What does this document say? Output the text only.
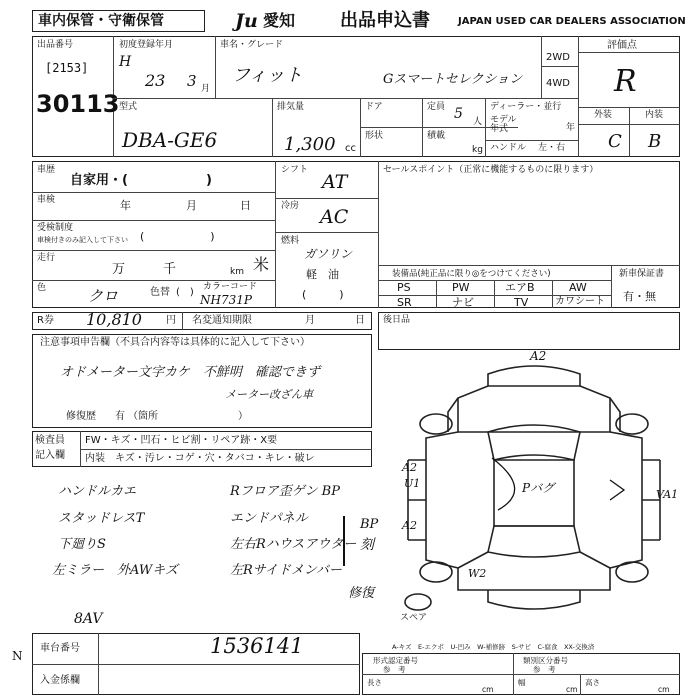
車内保管・守衛保管	Ju 愛知 出品申込書	JAPAN USED CAR DEALERS ASSOCIATION
出品番号
[2153]
30113
初度登録年月
H
23 3 月
車名・グレード
フィット	Gスマートセレクション
2WD
4WD
評価点
R
外装	内装
C B
型式
DBA-GE6
排気量
1,300 cc
ドア
形状
定員 5 人
積載
kg
ディーラー・並行
モデル年式	年
ハンドル 左・右
車歴
自家用・(　　　　　　)
車検	年	月	日
受検制度
車検付きのみ記入して下さい (　　　　　　)
走行
万	千	km 米
色	クロ	色替 (　) カラーコード
NH731P
シフト
AT
冷房 AC
燃料
ガソリン
軽　油
(　　　)
セールスポイント（正常に機能するものに限ります）
装備品(純正品に限り◎をつけてください)
PS	PW	エアB	AW
SR	ナビ	TV	カワシート
新車保証書
有・無
R券 10,810 円 名変通知期限	月	日 後日品
注意事項申告欄（不具合内容等は具体的に記入して下さい）
オドメーター文字カケ　不鮮明　確認できず
メーター改ざん車
修復歴 有 （箇所　　　　　　　　）
検査員
記入欄
FW・キズ・凹石・ヒビ割・リペア跡・X要
内装 キズ・汚レ・コゲ・穴・タバコ・キレ・破レ
ハンドルカエ	Rフロア歪ゲン BP
スタッドレスT	エンドパネル
下廻りS	左右Rハウスアウター
左ミラー　外AWキズ	左Rサイドメンバー
BP
刻
修復
8AV
A2
A2
U1
A2
Pバグ	VA1
W2
スペア
N
車台番号	1536141
入金係欄
A-キズ　E-エクボ　U-凹み　W-補修跡　S-サビ　C-腐食　XX-交換済
形式認定番号
参　考
類別区分番号
参　考
長さ
cm
幅
cm
高さ
cm
